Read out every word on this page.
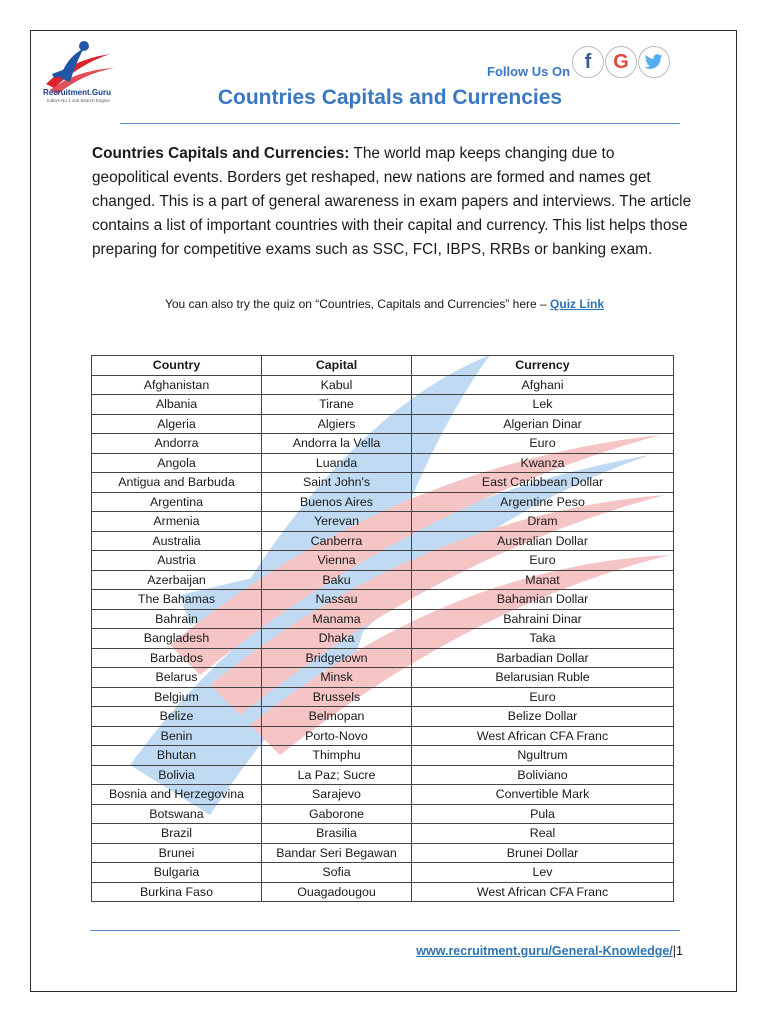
Recruitment.Guru
India's No.1 Job Search Engine
Follow Us On f	G
Countries Capitals and Currencies

Countries Capitals and Currencies: The world map keeps changing due to geopolitical events. Borders get reshaped, new nations are formed and names get changed. This is a part of general awareness in exam papers and interviews. The article contains a list of important countries with their capital and currency. This list helps those preparing for competitive exams such as SSC, FCI, IBPS, RRBs or banking exam.

You can also try the quiz on “Countries, Capitals and Currencies” here – Quiz Link
Country	Capital	Currency
Afghanistan	Kabul	Afghani
Albania	Tirane	Lek
Algeria	Algiers	Algerian Dinar
Andorra	Andorra la Vella	Euro
Angola	Luanda	Kwanza
Antigua and Barbuda	Saint John's	East Caribbean Dollar
Argentina	Buenos Aires	Argentine Peso
Armenia	Yerevan	Dram
Australia	Canberra	Australian Dollar
Austria	Vienna	Euro
Azerbaijan	Baku	Manat
The Bahamas	Nassau	Bahamian Dollar
Bahrain	Manama	Bahraini Dinar
Bangladesh	Dhaka	Taka
Barbados	Bridgetown	Barbadian Dollar
Belarus	Minsk	Belarusian Ruble
Belgium	Brussels	Euro
Belize	Belmopan	Belize Dollar
Benin	Porto-Novo	West African CFA Franc
Bhutan	Thimphu	Ngultrum
Bolivia	La Paz; Sucre	Boliviano
Bosnia and Herzegovina	Sarajevo	Convertible Mark
Botswana	Gaborone	Pula
Brazil	Brasilia	Real
Brunei	Bandar Seri Begawan	Brunei Dollar
Bulgaria	Sofia	Lev
Burkina Faso	Ouagadougou	West African CFA Franc
www.recruitment.guru/General-Knowledge/|1
